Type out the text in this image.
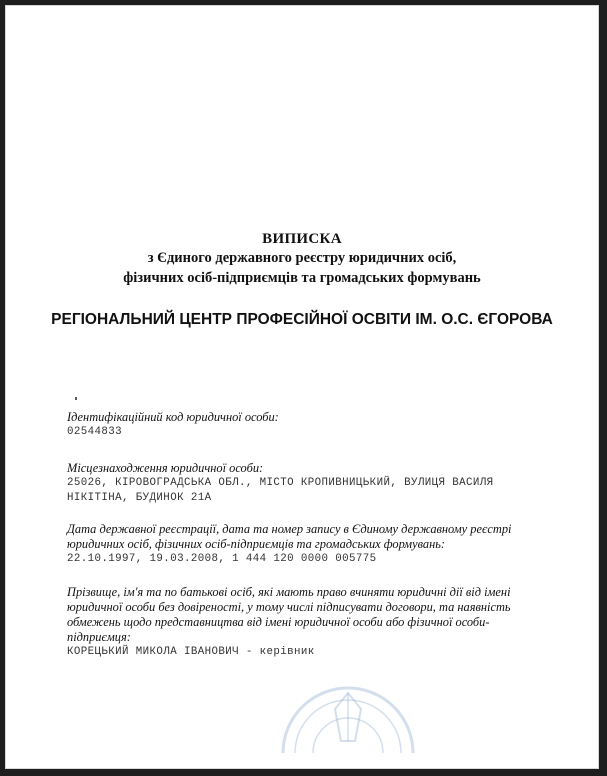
ВИПИСКА
з Єдиного державного реєстру юридичних осіб,
фізичних осіб-підприємців та громадських формувань
РЕГІОНАЛЬНИЙ ЦЕНТР ПРОФЕСІЙНОЇ ОСВІТИ ІМ. О.С. ЄГОРОВА
Ідентифікаційний код юридичної особи:
02544833
Місцезнаходження юридичної особи:
25026, КІРОВОГРАДСЬКА ОБЛ., МІСТО КРОПИВНИЦЬКИЙ, ВУЛИЦЯ ВАСИЛЯ НІКІТІНА, БУДИНОК 21А
Дата державної реєстрації, дата та номер запису в Єдиному державному реєстрі юридичних осіб, фізичних осіб-підприємців та громадських формувань:
22.10.1997, 19.03.2008, 1 444 120 0000 005775
Прізвище, ім'я та по батькові осіб, які мають право вчиняти юридичні дії від імені юридичної особи без довіреності, у тому числі підписувати договори, та наявність обмежень щодо представництва від імені юридичної особи або фізичної особи-підприємця:
КОРЕЦЬКИЙ МИКОЛА ІВАНОВИЧ - керівник
